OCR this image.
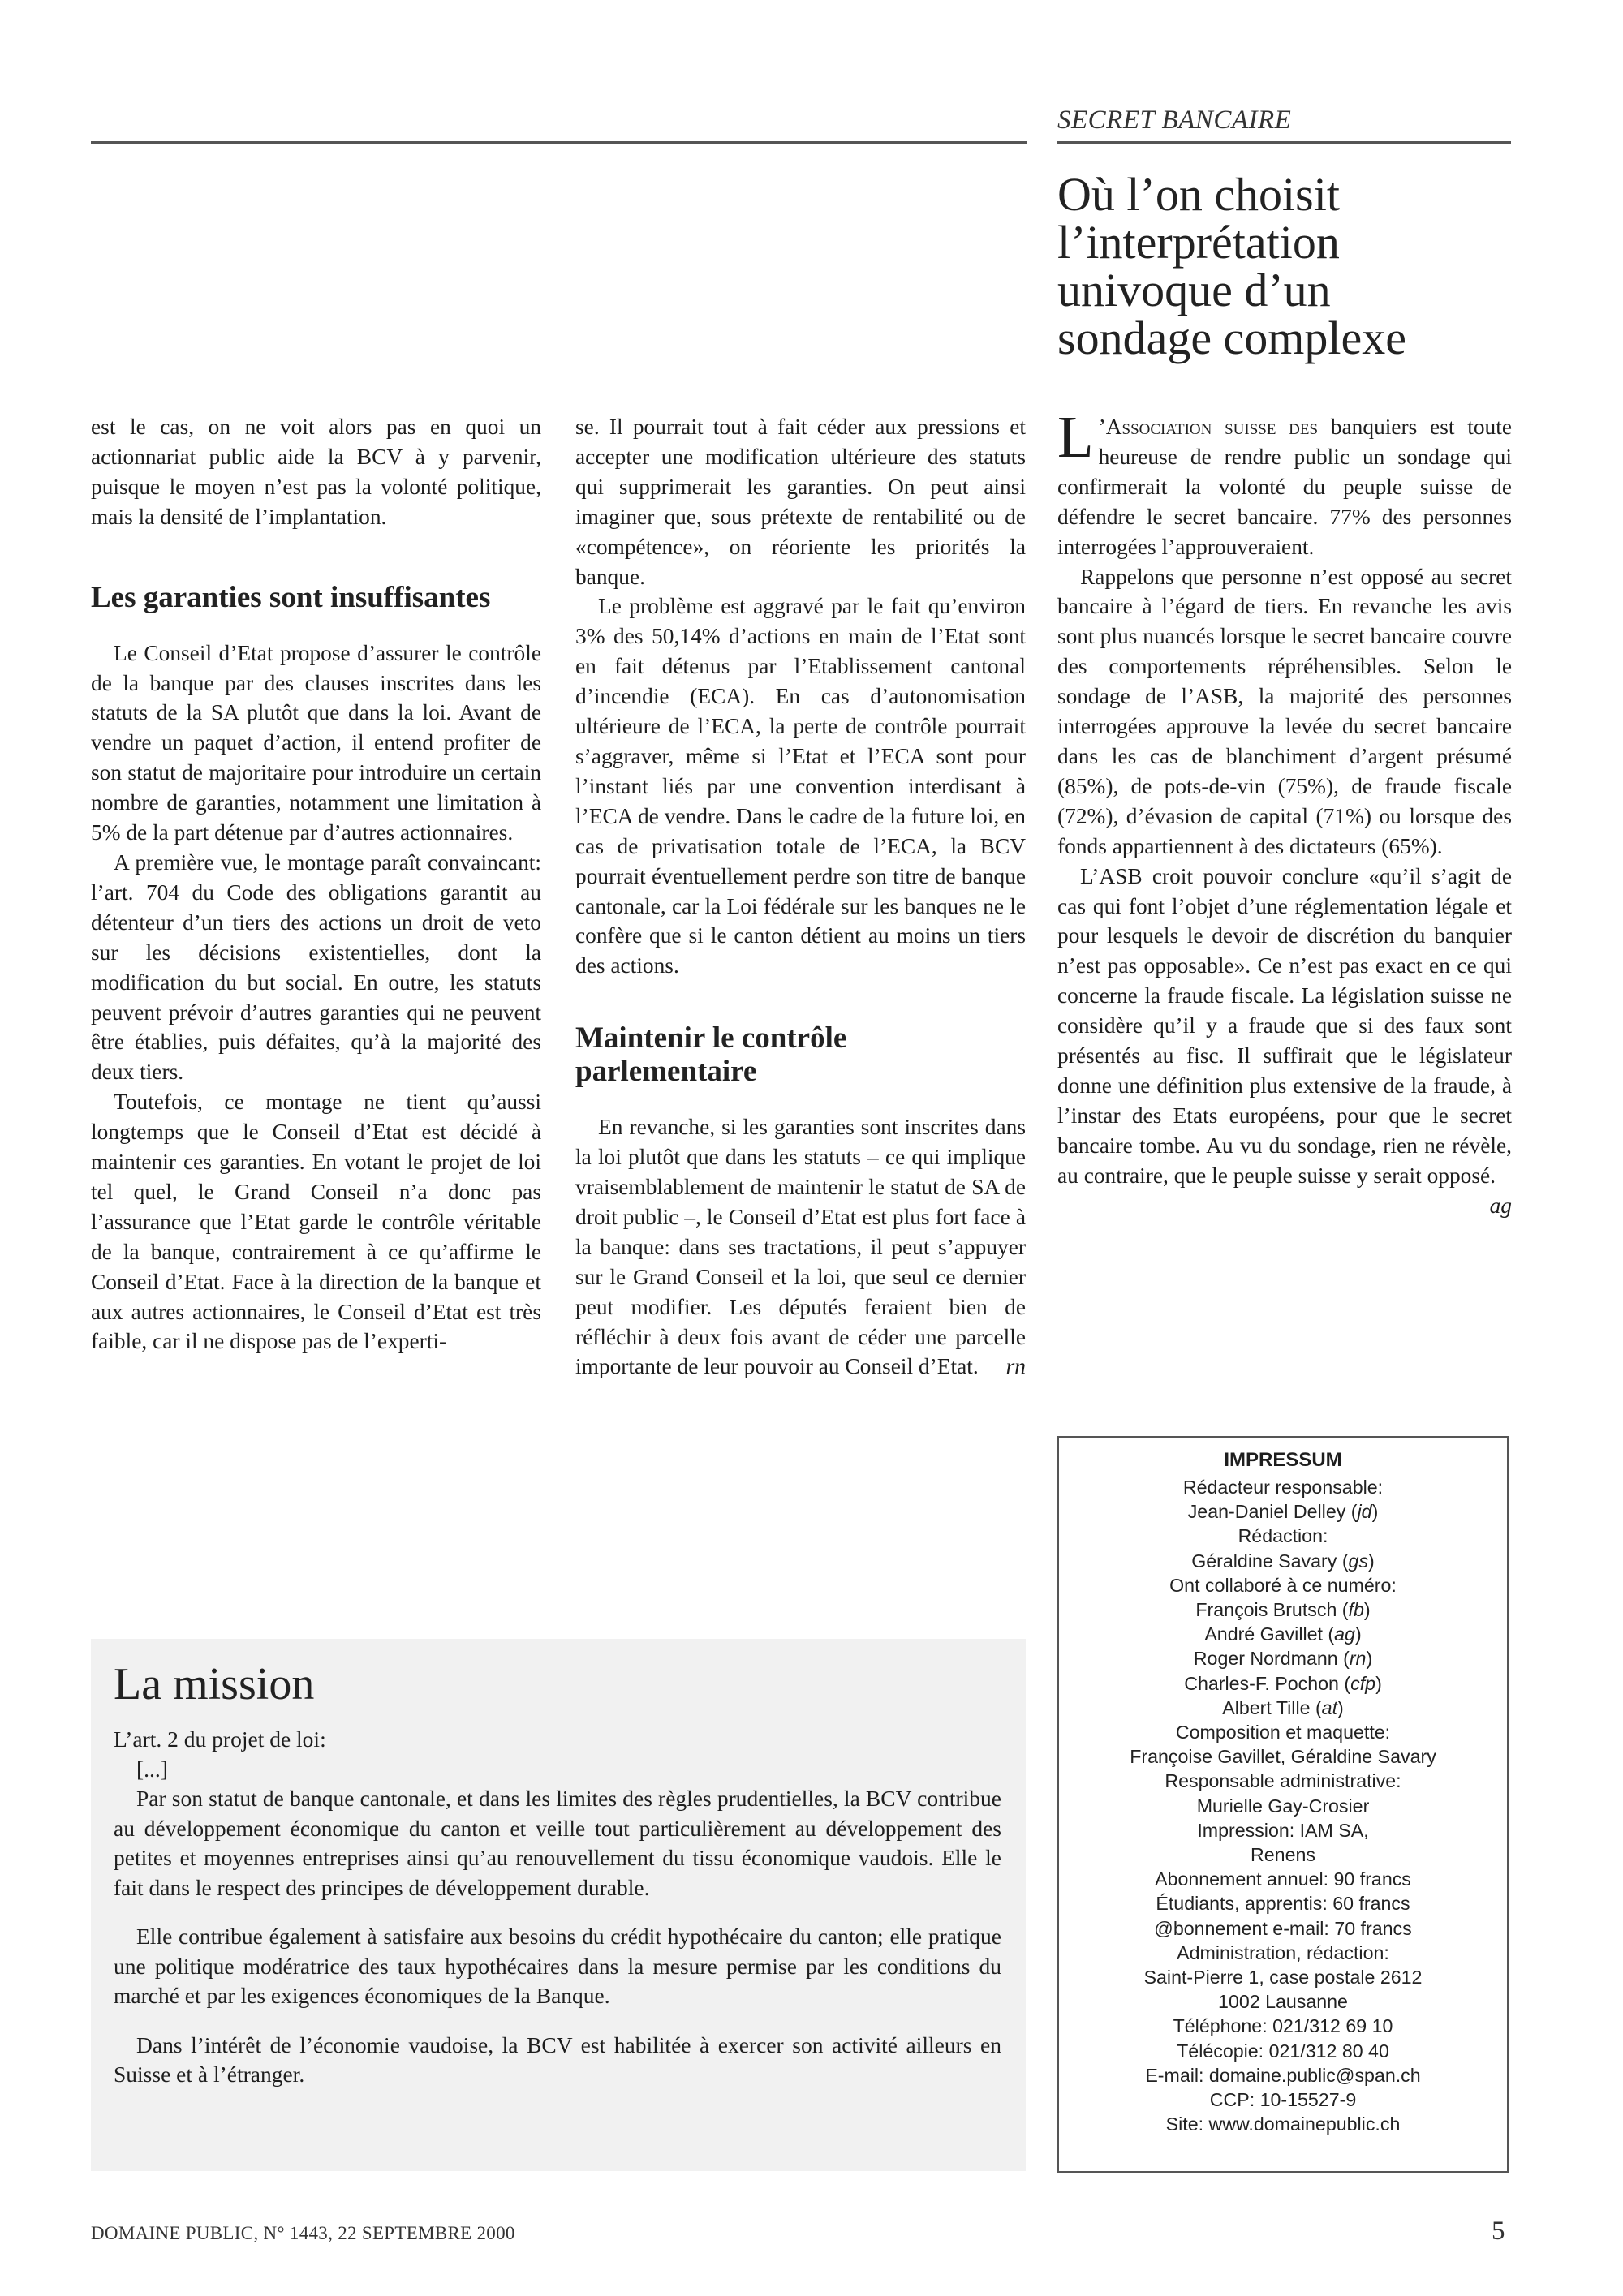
SECRET BANCAIRE
Où l’on choisit
l’interprétation
univoque d’un
sondage complexe

est le cas, on ne voit alors pas en quoi un actionnariat public aide la BCV à y parvenir, puisque le moyen n’est pas la volonté politique, mais la densité de l’implantation.

Les garanties sont insuffisantes

Le Conseil d’Etat propose d’assurer le contrôle de la banque par des clauses inscrites dans les statuts de la SA plutôt que dans la loi. Avant de vendre un paquet d’action, il entend profiter de son statut de majoritaire pour introduire un certain nombre de garanties, notamment une limitation à 5% de la part détenue par d’autres actionnaires.

A première vue, le montage paraît convaincant: l’art. 704 du Code des obligations garantit au détenteur d’un tiers des actions un droit de veto sur les décisions existentielles, dont la modification du but social. En outre, les statuts peuvent prévoir d’autres garanties qui ne peuvent être établies, puis défaites, qu’à la majorité des deux tiers.

Toutefois, ce montage ne tient qu’aussi longtemps que le Conseil d’Etat est décidé à maintenir ces garanties. En votant le projet de loi tel quel, le Grand Conseil n’a donc pas l’assurance que l’Etat garde le contrôle véritable de la banque, contrairement à ce qu’affirme le Conseil d’Etat. Face à la direction de la banque et aux autres actionnaires, le Conseil d’Etat est très faible, car il ne dispose pas de l’experti-

se. Il pourrait tout à fait céder aux pressions et accepter une modification ultérieure des statuts qui supprimerait les garanties. On peut ainsi imaginer que, sous prétexte de rentabilité ou de «compétence», on réoriente les priorités la banque.

Le problème est aggravé par le fait qu’environ 3% des 50,14% d’actions en main de l’Etat sont en fait détenus par l’Etablissement cantonal d’incendie (ECA). En cas d’autonomisation ultérieure de l’ECA, la perte de contrôle pourrait s’aggraver, même si l’Etat et l’ECA sont pour l’instant liés par une convention interdisant à l’ECA de vendre. Dans le cadre de la future loi, en cas de privatisation totale de l’ECA, la BCV pourrait éventuellement perdre son titre de banque cantonale, car la Loi fédérale sur les banques ne le confère que si le canton détient au moins un tiers des actions.

Maintenir le contrôle parlementaire

En revanche, si les garanties sont inscrites dans la loi plutôt que dans les statuts – ce qui implique vraisemblablement de maintenir le statut de SA de droit public –, le Conseil d’Etat est plus fort face à la banque: dans ses tractations, il peut s’appuyer sur le Grand Conseil et la loi, que seul ce dernier peut modifier. Les députés feraient bien de réfléchir à deux fois avant de céder une parcelle importante de leur pouvoir au Conseil d’Etat.	rn

L ’Association suisse des banquiers est toute heureuse de rendre public un sondage qui confirmerait la volonté du peuple suisse de défendre le secret bancaire. 77% des personnes interrogées l’approuveraient.

Rappelons que personne n’est opposé au secret bancaire à l’égard de tiers. En revanche les avis sont plus nuancés lorsque le secret bancaire couvre des comportements répréhensibles. Selon le sondage de l’ASB, la majorité des personnes interrogées approuve la levée du secret bancaire dans les cas de blanchiment d’argent présumé (85%), de pots-de-vin (75%), de fraude fiscale (72%), d’évasion de capital (71%) ou lorsque des fonds appartiennent à des dictateurs (65%).

L’ASB croit pouvoir conclure «qu’il s’agit de cas qui font l’objet d’une réglementation légale et pour lesquels le devoir de discrétion du banquier n’est pas opposable». Ce n’est pas exact en ce qui concerne la fraude fiscale. La législation suisse ne considère qu’il y a fraude que si des faux sont présentés au fisc. Il suffirait que le législateur donne une définition plus extensive de la fraude, à l’instar des Etats européens, pour que le secret bancaire tombe. Au vu du sondage, rien ne révèle, au contraire, que le peuple suisse y serait opposé.
ag

La mission

L’art. 2 du projet de loi:

[...]

Par son statut de banque cantonale, et dans les limites des règles prudentielles, la BCV contribue au développement économique du canton et veille tout particulièrement au développement des petites et moyennes entreprises ainsi qu’au renouvellement du tissu économique vaudois. Elle le fait dans le respect des principes de développement durable.

Elle contribue également à satisfaire aux besoins du crédit hypothécaire du canton; elle pratique une politique modératrice des taux hypothécaires dans la mesure permise par les conditions du marché et par les exigences économiques de la Banque.

Dans l’intérêt de l’économie vaudoise, la BCV est habilitée à exercer son activité ailleurs en Suisse et à l’étranger.

IMPRESSUM
Rédacteur responsable:
Jean-Daniel Delley (jd)
Rédaction:
Géraldine Savary (gs)
Ont collaboré à ce numéro:
François Brutsch (fb)
André Gavillet (ag)
Roger Nordmann (rn)
Charles-F. Pochon (cfp)
Albert Tille (at)
Composition et maquette:
Françoise Gavillet, Géraldine Savary
Responsable administrative:
Murielle Gay-Crosier
Impression: IAM SA,
Renens
Abonnement annuel: 90 francs
Étudiants, apprentis: 60 francs
@bonnement e-mail: 70 francs
Administration, rédaction:
Saint-Pierre 1, case postale 2612
1002 Lausanne
Téléphone: 021/312 69 10
Télécopie: 021/312 80 40
E-mail: domaine.public@span.ch
CCP: 10-15527-9
Site: www.domainepublic.ch
DOMAINE PUBLIC, N° 1443, 22 SEPTEMBRE 2000	5
